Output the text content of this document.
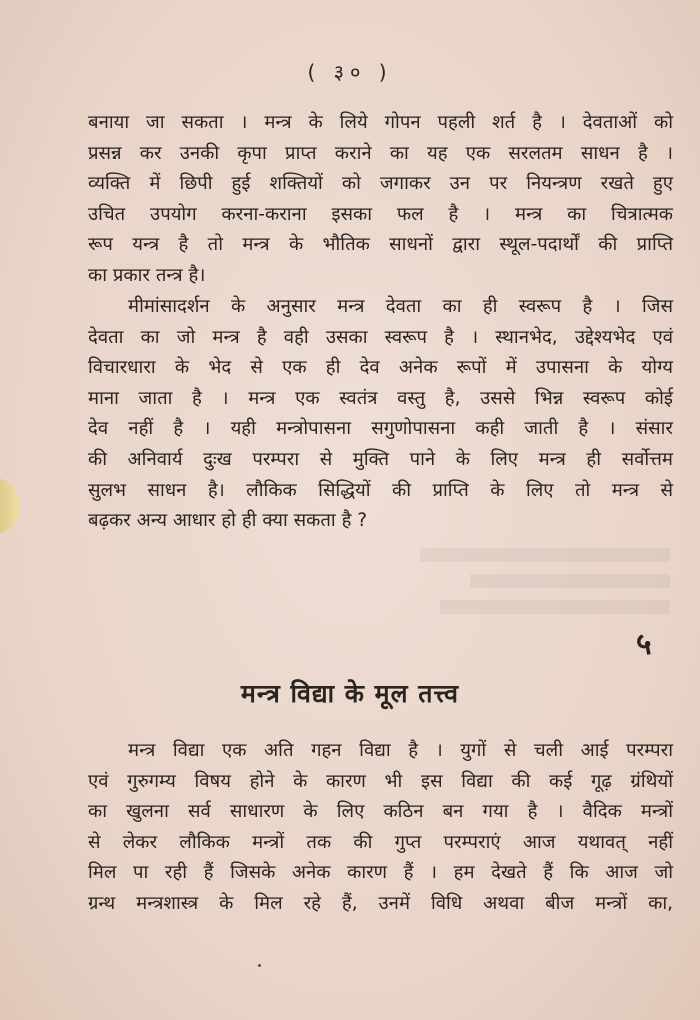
( ३० )
बनाया जा सकता । मन्त्र के लिये गोपन पहली शर्त है । देवताओं को
प्रसन्न कर उनकी कृपा प्राप्त कराने का यह एक सरलतम साधन है ।
व्यक्ति में छिपी हुई शक्तियों को जगाकर उन पर नियन्त्रण रखते हुए
उचित उपयोग करना-कराना इसका फल है । मन्त्र का चित्रात्मक
रूप यन्त्र है तो मन्त्र के भौतिक साधनों द्वारा स्थूल-पदार्थों की प्राप्ति
का प्रकार तन्त्र है।
मीमांसादर्शन के अनुसार मन्त्र देवता का ही स्वरूप है । जिस
देवता का जो मन्त्र है वही उसका स्वरूप है । स्थानभेद, उद्देश्यभेद एवं
विचारधारा के भेद से एक ही देव अनेक रूपों में उपासना के योग्य
माना जाता है । मन्त्र एक स्वतंत्र वस्तु है, उससे भिन्न स्वरूप कोई
देव नहीं है । यही मन्त्रोपासना सगुणोपासना कही जाती है । संसार
की अनिवार्य दुःख परम्परा से मुक्ति पाने के लिए मन्त्र ही सर्वोत्तम
सुलभ साधन है। लौकिक सिद्धियों की प्राप्ति के लिए तो मन्त्र से
बढ़कर अन्य आधार हो ही क्या सकता है ?
५
मन्त्र विद्या के मूल तत्त्व
मन्त्र विद्या एक अति गहन विद्या है । युगों से चली आई परम्परा
एवं गुरुगम्य विषय होने के कारण भी इस विद्या की कई गूढ़ ग्रंथियों
का खुलना सर्व साधारण के लिए कठिन बन गया है । वैदिक मन्त्रों
से लेकर लौकिक मन्त्रों तक की गुप्त परम्पराएं आज यथावत् नहीं
मिल पा रही हैं जिसके अनेक कारण हैं । हम देखते हैं कि आज जो
ग्रन्थ मन्त्रशास्त्र के मिल रहे हैं, उनमें विधि अथवा बीज मन्त्रों का,
